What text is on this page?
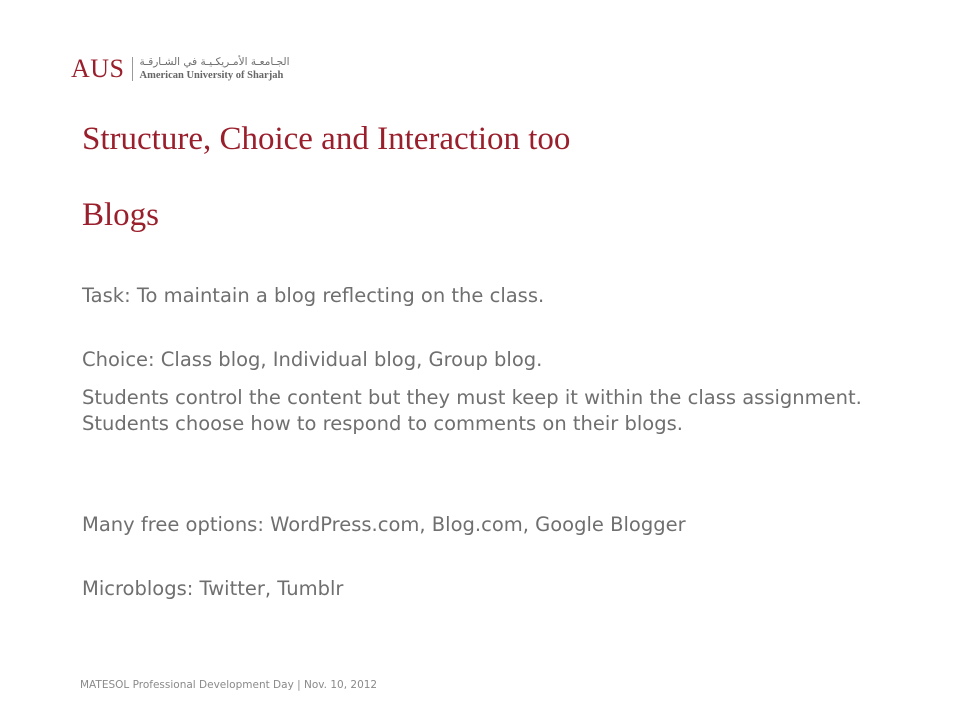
AUS الجـامعـة الأمـريكـيـة في الشـارقـة
American University of Sharjah
Structure, Choice and Interaction too
Blogs

Task: To maintain a blog reflecting on the class.

Choice: Class blog, Individual blog, Group blog.

Students control the content but they must keep it within the class assignment. Students choose how to respond to comments on their blogs.

Many free options: WordPress.com, Blog.com, Google Blogger

Microblogs: Twitter, Tumblr

MATESOL Professional Development Day | Nov. 10, 2012
